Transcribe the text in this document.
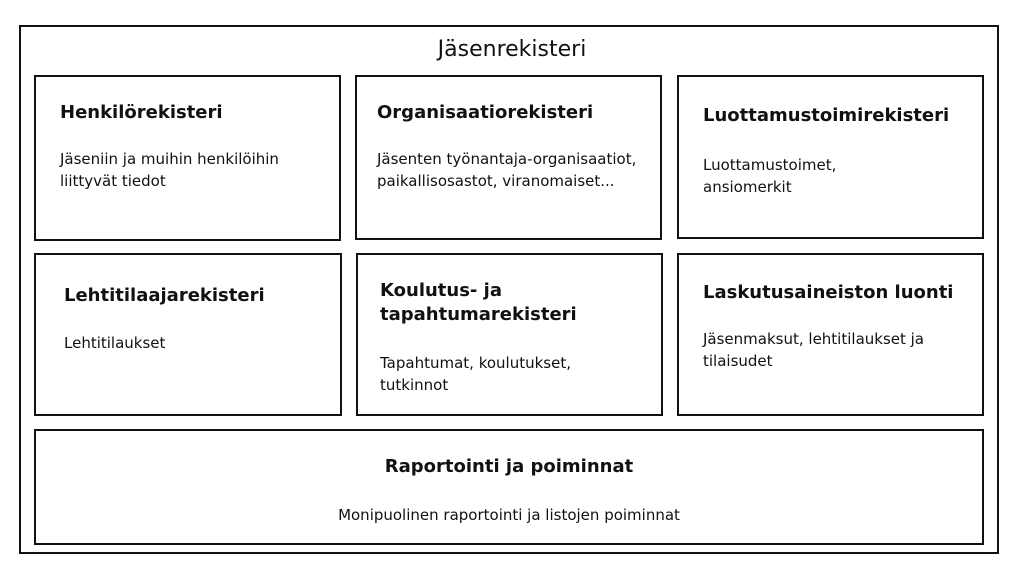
Jäsenrekisteri
Henkilörekisteri
Jäseniin ja muihin henkilöihin liittyvät tiedot
Organisaatiorekisteri
Jäsenten työnantaja-organisaatiot, paikallisosastot, viranomaiset...
Luottamustoimirekisteri
Luottamustoimet, ansiomerkit
Lehtitilaajarekisteri
Lehtitilaukset
Koulutus- ja tapahtumarekisteri
Tapahtumat, koulutukset, tutkinnot
Laskutusaineiston luonti
Jäsenmaksut, lehtitilaukset ja tilaisudet
Raportointi ja poiminnat
Monipuolinen raportointi ja listojen poiminnat
